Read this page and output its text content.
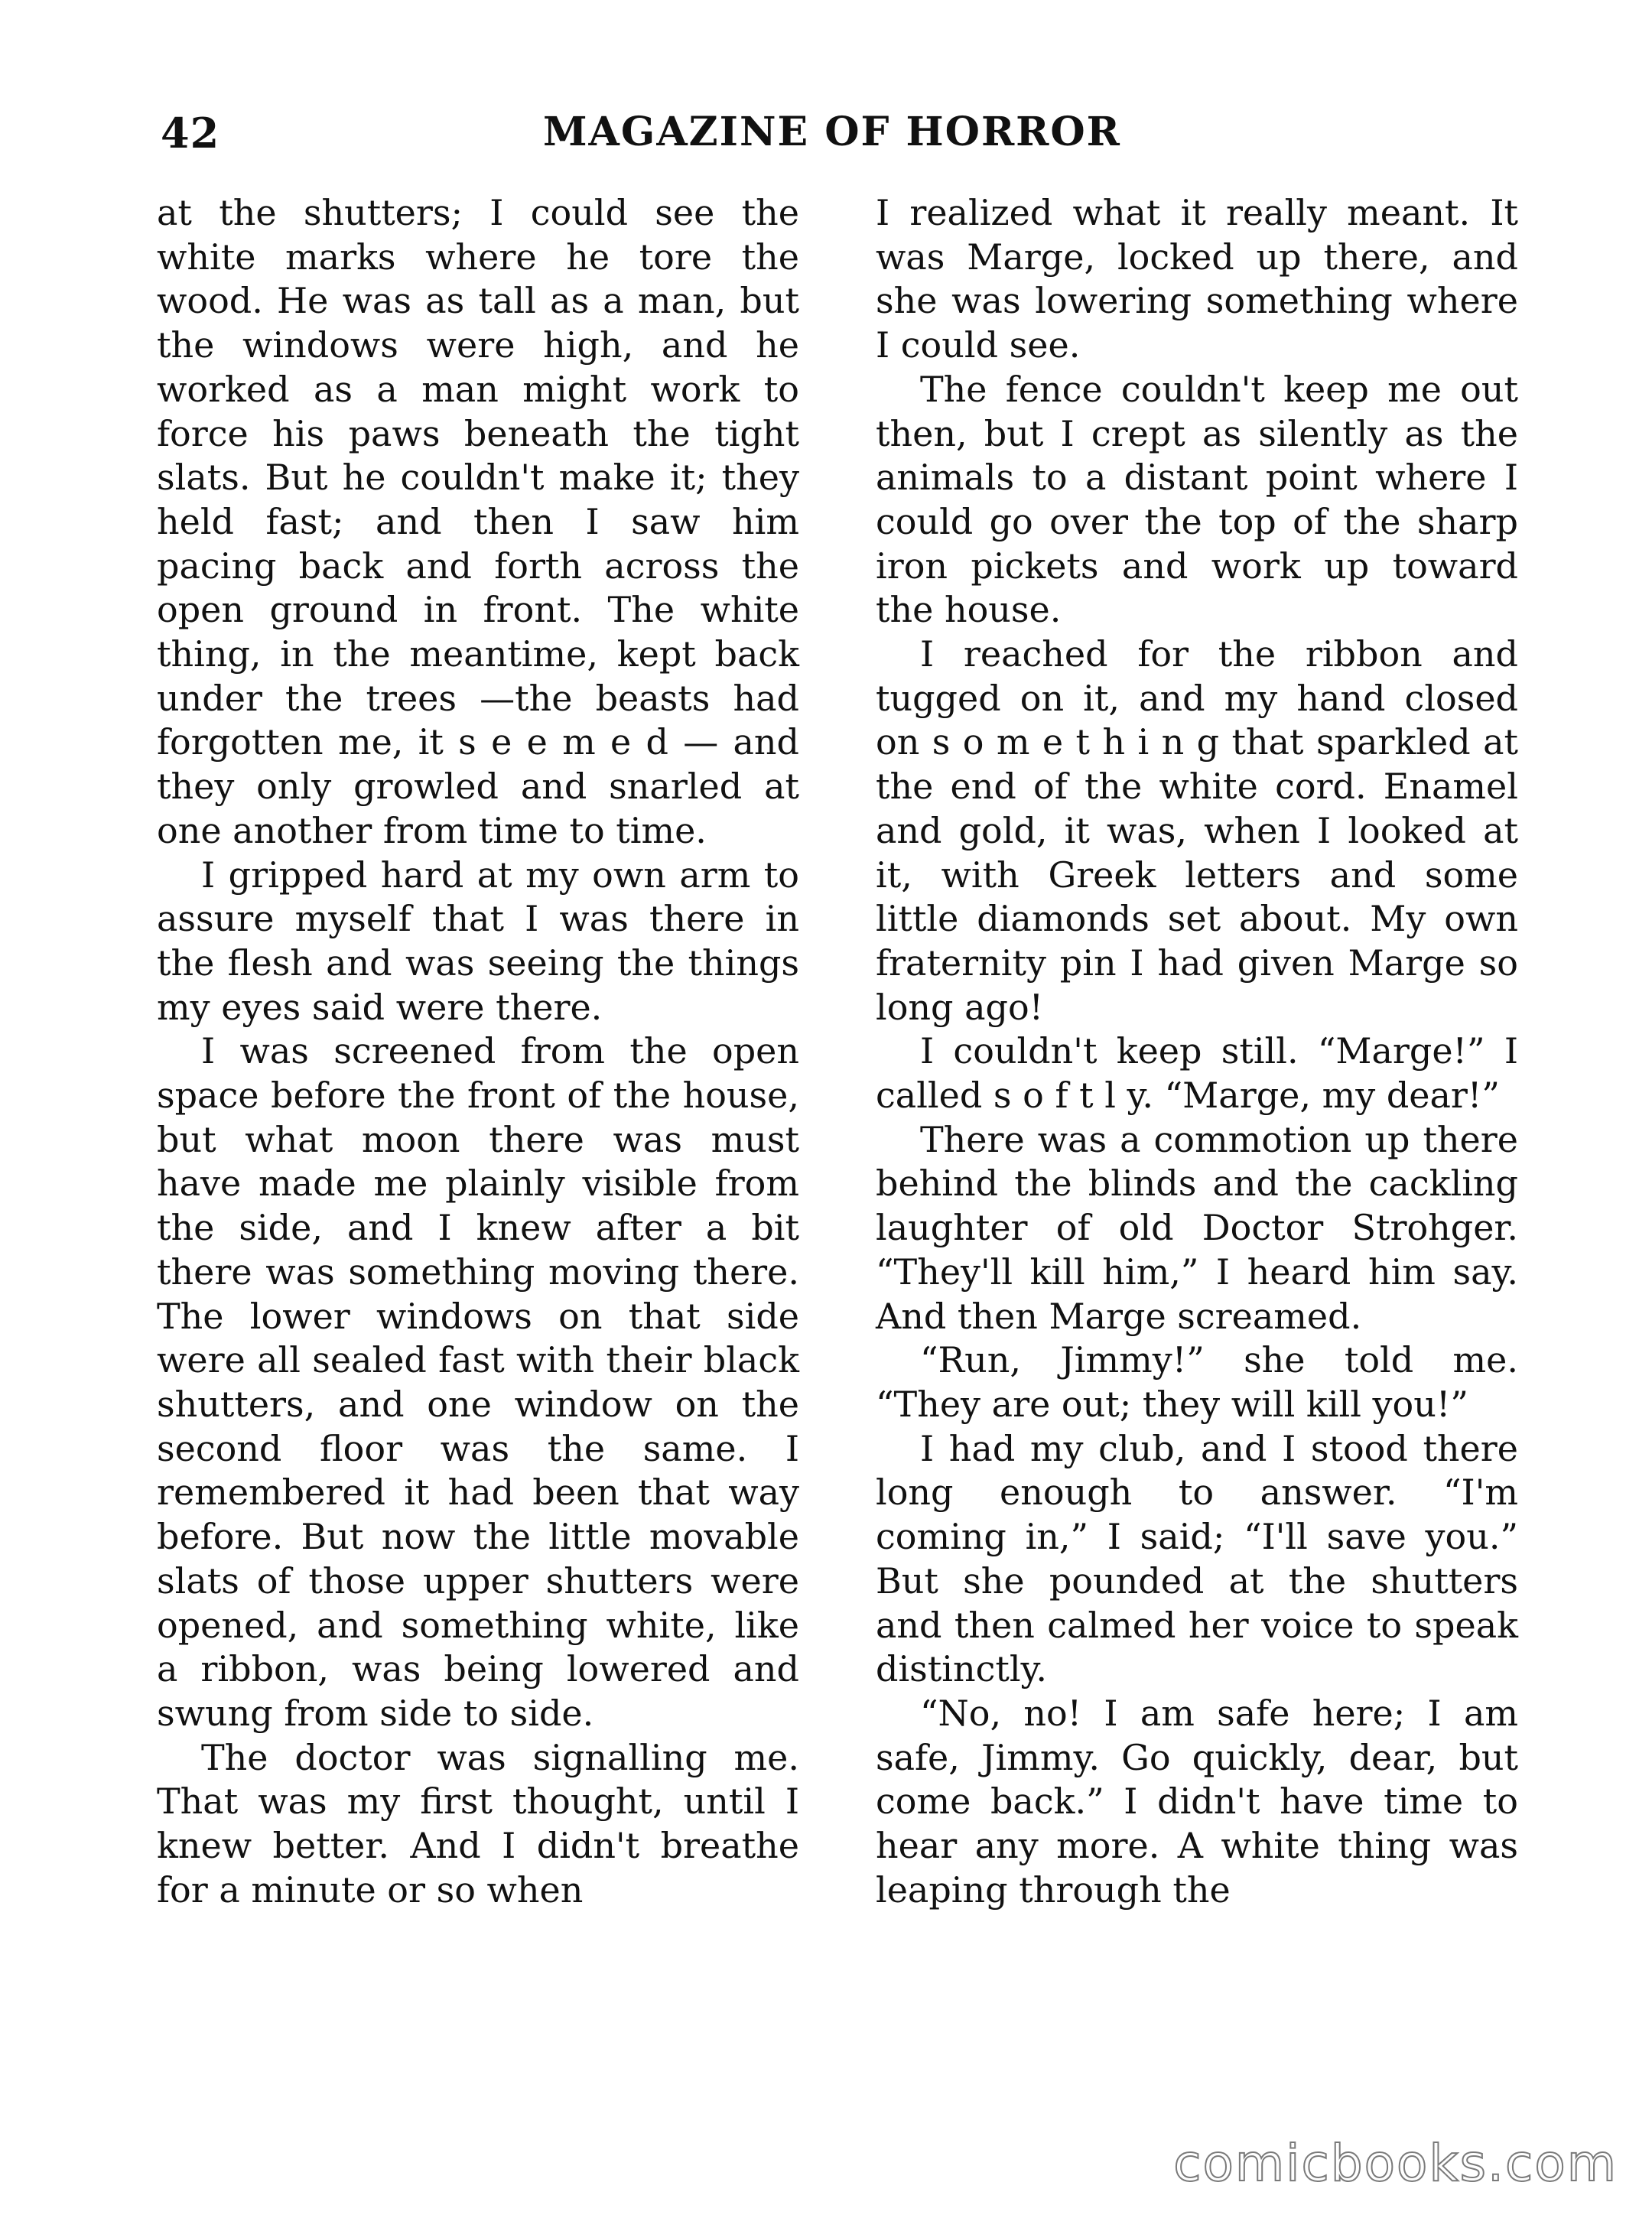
42	MAGAZINE OF HORROR

at the shutters; I could see the white marks where he tore the wood. He was as tall as a man, but the windows were high, and he worked as a man might work to force his paws beneath the tight slats. But he couldn't make it; they held fast; and then I saw him pacing back and forth across the open ground in front. The white thing, in the meantime, kept back under the trees —the beasts had forgotten me, it s e e m e d — and they only growled and snarled at one another from time to time.

I gripped hard at my own arm to assure myself that I was there in the flesh and was seeing the things my eyes said were there.

I was screened from the open space before the front of the house, but what moon there was must have made me plainly visible from the side, and I knew after a bit there was something moving there. The lower windows on that side were all sealed fast with their black shutters, and one window on the second floor was the same. I remembered it had been that way before. But now the little movable slats of those upper shutters were opened, and something white, like a ribbon, was being lowered and swung from side to side.

The doctor was signalling me. That was my first thought, until I knew better. And I didn't breathe for a minute or so when

I realized what it really meant. It was Marge, locked up there, and she was lowering something where I could see.

The fence couldn't keep me out then, but I crept as silently as the animals to a distant point where I could go over the top of the sharp iron pickets and work up toward the house.

I reached for the ribbon and tugged on it, and my hand closed on s o m e t h i n g that sparkled at the end of the white cord. Enamel and gold, it was, when I looked at it, with Greek letters and some little diamonds set about. My own fraternity pin I had given Marge so long ago!

I couldn't keep still. “Marge!” I called s o f t l y. “Marge, my dear!”

There was a commotion up there behind the blinds and the cackling laughter of old Doctor Strohger. “They'll kill him,” I heard him say. And then Marge screamed.

“Run, Jimmy!” she told me. “They are out; they will kill you!”

I had my club, and I stood there long enough to answer. “I'm coming in,” I said; “I'll save you.” But she pounded at the shutters and then calmed her voice to speak distinctly.

“No, no! I am safe here; I am safe, Jimmy. Go quickly, dear, but come back.” I didn't have time to hear any more. A white thing was leaping through the

comicbooks.com
